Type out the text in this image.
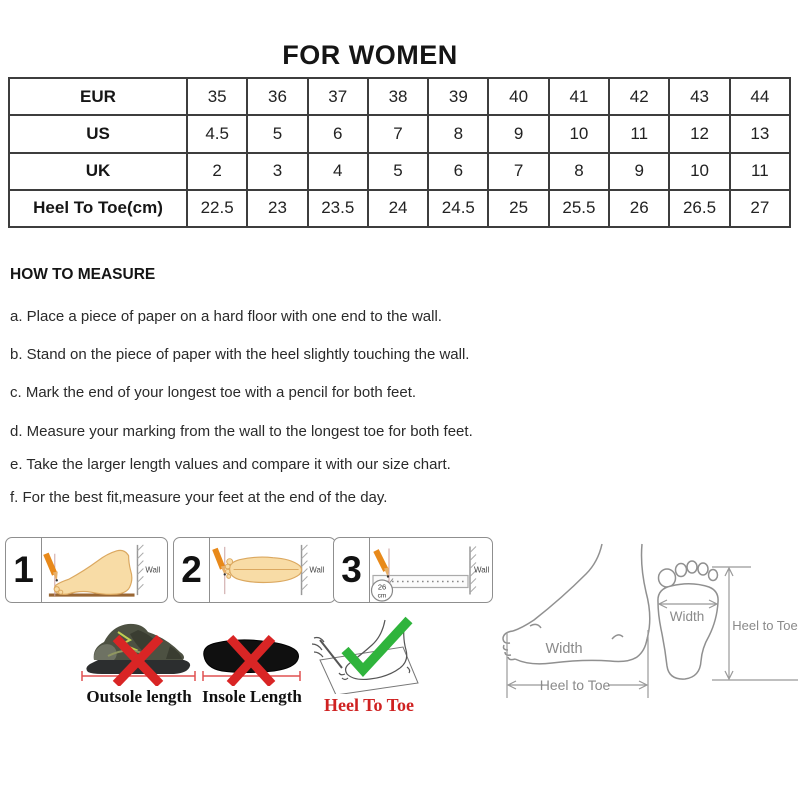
FOR WOMEN
EUR	35	36	37	38	39	40	41	42	43	44
US	4.5	5	6	7	8	9	10	11	12	13
UK	2	3	4	5	6	7	8	9	10	11
Heel To Toe(cm)	22.5	23	23.5	24	24.5	25	25.5	26	26.5	27
HOW TO MEASURE

a. Place a piece of paper on a hard floor with one end to the wall.

b. Stand on the piece of paper with the heel slightly touching the wall.

c. Mark the end of your longest toe with a pencil for both feet.

d. Measure your marking from the wall to the longest toe for both feet.

e. Take the larger length values and compare it with our size chart.

f. For the best fit,measure your feet at the end of the day.

1	Wall 2	Wall 3	Wall
26
cm
Outsole length Insole Length	Heel To Toe
Width
Heel to Toe
Width
Heel to Toe
